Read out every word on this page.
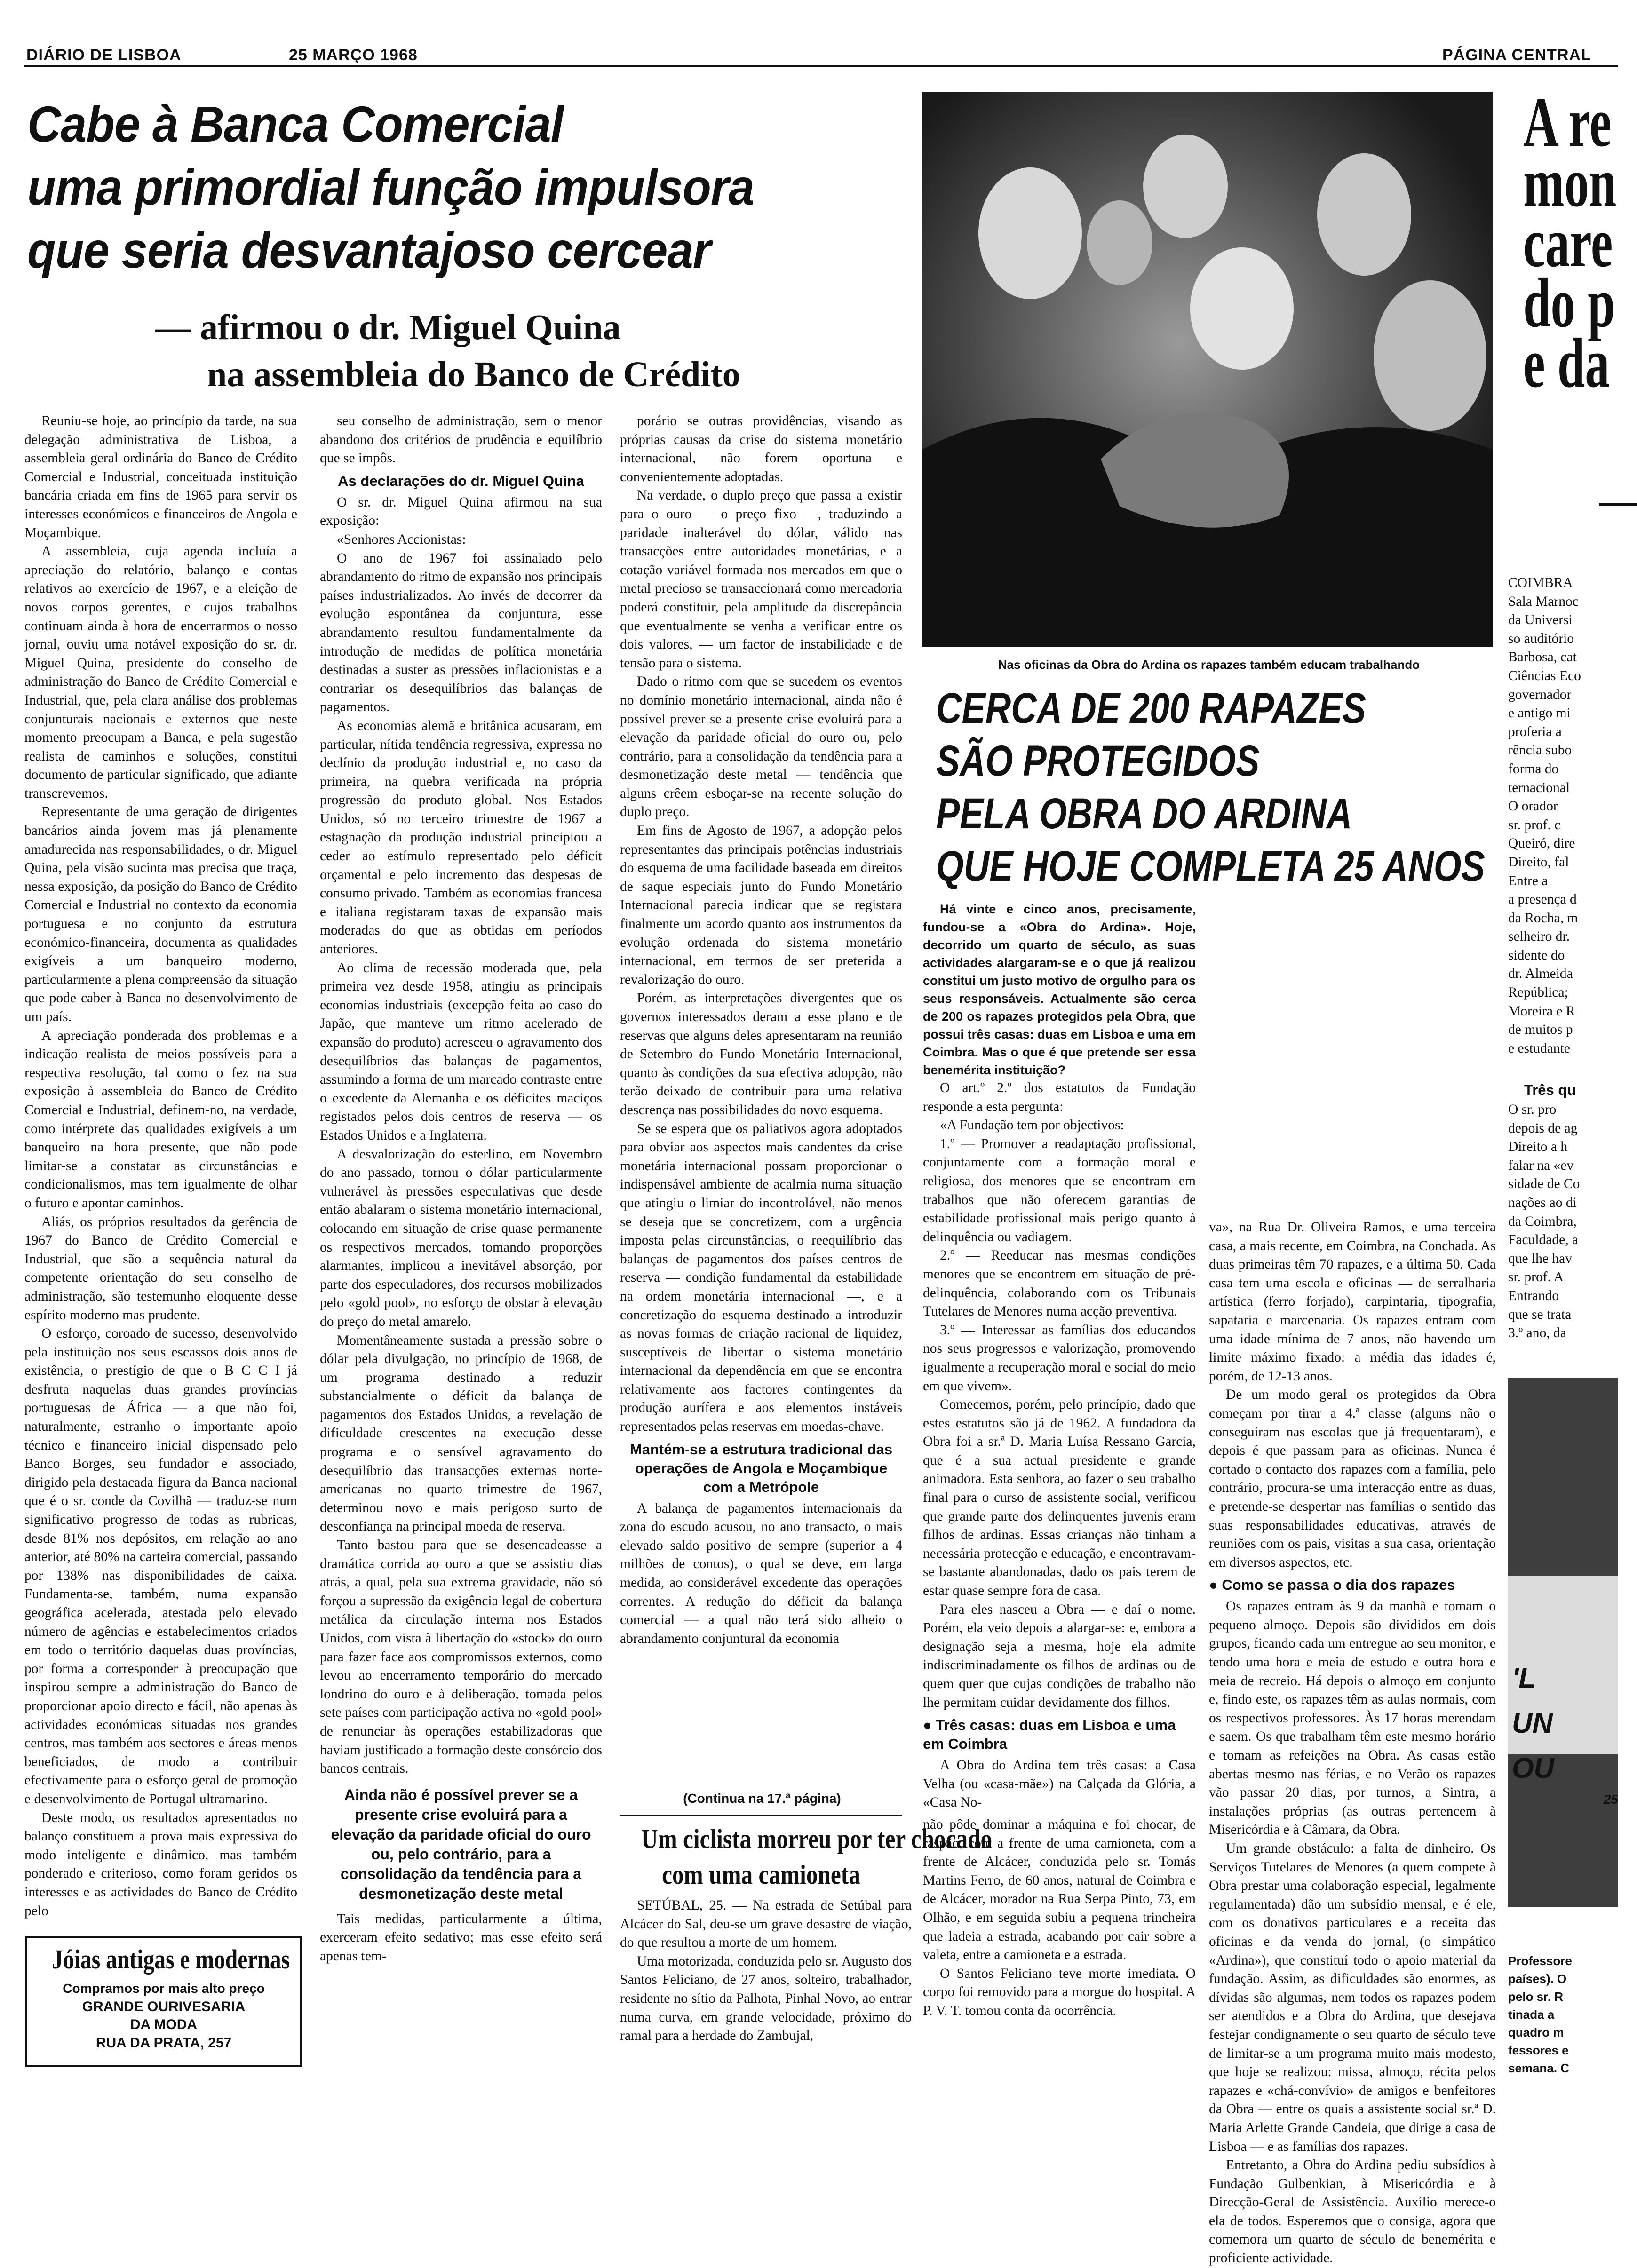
DIÁRIO DE LISBOA	25 MARÇO 1968	PÁGINA CENTRAL
Cabe à Banca Comercial
uma primordial função impulsora
que seria desvantajoso cercear
— afirmou o dr. Miguel Quina
na assembleia do Banco de Crédito

Reuniu-se hoje, ao princípio da tarde, na sua delegação administrativa de Lisboa, a assembleia geral ordinária do Banco de Crédito Comercial e Industrial, conceituada instituição bancária criada em fins de 1965 para servir os interesses económicos e financeiros de Angola e Moçambique.

A assembleia, cuja agenda incluía a apreciação do relatório, balanço e contas relativos ao exercício de 1967, e a eleição de novos corpos gerentes, e cujos trabalhos continuam ainda à hora de encerrarmos o nosso jornal, ouviu uma notável exposição do sr. dr. Miguel Quina, presidente do conselho de administração do Banco de Crédito Comercial e Industrial, que, pela clara análise dos problemas conjunturais nacionais e externos que neste momento preocupam a Banca, e pela sugestão realista de caminhos e soluções, constitui documento de particular significado, que adiante transcrevemos.

Representante de uma geração de dirigentes bancários ainda jovem mas já plenamente amadurecida nas responsabilidades, o dr. Miguel Quina, pela visão sucinta mas precisa que traça, nessa exposição, da posição do Banco de Crédito Comercial e Industrial no contexto da economia portuguesa e no conjunto da estrutura económico-financeira, documenta as qualidades exigíveis a um banqueiro moderno, particularmente a plena compreensão da situação que pode caber à Banca no desenvolvimento de um país.

A apreciação ponderada dos problemas e a indicação realista de meios possíveis para a respectiva resolução, tal como o fez na sua exposição à assembleia do Banco de Crédito Comercial e Industrial, definem-no, na verdade, como intérprete das qualidades exigíveis a um banqueiro na hora presente, que não pode limitar-se a constatar as circunstâncias e condicionalismos, mas tem igualmente de olhar o futuro e apontar caminhos.

Aliás, os próprios resultados da gerência de 1967 do Banco de Crédito Comercial e Industrial, que são a sequência natural da competente orientação do seu conselho de administração, são testemunho eloquente desse espírito moderno mas prudente.

O esforço, coroado de sucesso, desenvolvido pela instituição nos seus escassos dois anos de existência, o prestígio de que o B C C I já desfruta naquelas duas grandes províncias portuguesas de África — a que não foi, naturalmente, estranho o importante apoio técnico e financeiro inicial dispensado pelo Banco Borges, seu fundador e associado, dirigido pela destacada figura da Banca nacional que é o sr. conde da Covilhã — traduz-se num significativo progresso de todas as rubricas, desde 81% nos depósitos, em relação ao ano anterior, até 80% na carteira comercial, passando por 138% nas disponibilidades de caixa. Fundamenta-se, também, numa expansão geográfica acelerada, atestada pelo elevado número de agências e estabelecimentos criados em todo o território daquelas duas províncias, por forma a corresponder à preocupação que inspirou sempre a administração do Banco de proporcionar apoio directo e fácil, não apenas às actividades económicas situadas nos grandes centros, mas também aos sectores e áreas menos beneficiados, de modo a contribuir efectivamente para o esforço geral de promoção e desenvolvimento de Portugal ultramarino.

Deste modo, os resultados apresentados no balanço constituem a prova mais expressiva do modo inteligente e dinâmico, mas também ponderado e criterioso, como foram geridos os interesses e as actividades do Banco de Crédito pelo

Jóias antigas e modernas
Compramos por mais alto preço
GRANDE OURIVESARIA
DA MODA
RUA DA PRATA, 257

seu conselho de administração, sem o menor abandono dos critérios de prudência e equilíbrio que se impôs.

As declarações do dr. Miguel Quina

O sr. dr. Miguel Quina afirmou na sua exposição:

«Senhores Accionistas:

O ano de 1967 foi assinalado pelo abrandamento do ritmo de expansão nos principais países industrializados. Ao invés de decorrer da evolução espontânea da conjuntura, esse abrandamento resultou fundamentalmente da introdução de medidas de política monetária destinadas a suster as pressões inflacionistas e a contrariar os desequilíbrios das balanças de pagamentos.

As economias alemã e britânica acusaram, em particular, nítida tendência regressiva, expressa no declínio da produção industrial e, no caso da primeira, na quebra verificada na própria progressão do produto global. Nos Estados Unidos, só no terceiro trimestre de 1967 a estagnação da produção industrial principiou a ceder ao estímulo representado pelo déficit orçamental e pelo incremento das despesas de consumo privado. Também as economias francesa e italiana registaram taxas de expansão mais moderadas do que as obtidas em períodos anteriores.

Ao clima de recessão moderada que, pela primeira vez desde 1958, atingiu as principais economias industriais (excepção feita ao caso do Japão, que manteve um ritmo acelerado de expansão do produto) acresceu o agravamento dos desequilíbrios das balanças de pagamentos, assumindo a forma de um marcado contraste entre o excedente da Alemanha e os déficites maciços registados pelos dois centros de reserva — os Estados Unidos e a Inglaterra.

A desvalorização do esterlino, em Novembro do ano passado, tornou o dólar particularmente vulnerável às pressões especulativas que desde então abalaram o sistema monetário internacional, colocando em situação de crise quase permanente os respectivos mercados, tomando proporções alarmantes, implicou a inevitável absorção, por parte dos especuladores, dos recursos mobilizados pelo «gold pool», no esforço de obstar à elevação do preço do metal amarelo.

Momentâneamente sustada a pressão sobre o dólar pela divulgação, no princípio de 1968, de um programa destinado a reduzir substancialmente o déficit da balança de pagamentos dos Estados Unidos, a revelação de dificuldade crescentes na execução desse programa e o sensível agravamento do desequilíbrio das transacções externas norte-americanas no quarto trimestre de 1967, determinou novo e mais perigoso surto de desconfiança na principal moeda de reserva.

Tanto bastou para que se desencadeasse a dramática corrida ao ouro a que se assistiu dias atrás, a qual, pela sua extrema gravidade, não só forçou a supressão da exigência legal de cobertura metálica da circulação interna nos Estados Unidos, com vista à libertação do «stock» do ouro para fazer face aos compromissos externos, como levou ao encerramento temporário do mercado londrino do ouro e à deliberação, tomada pelos sete países com participação activa no «gold pool» de renunciar às operações estabilizadoras que haviam justificado a formação deste consórcio dos bancos centrais.

Ainda não é possível prever se a presente crise evoluirá para a elevação da paridade oficial do ouro ou, pelo contrário, para a consolidação da tendência para a desmonetização deste metal

Tais medidas, particularmente a última, exerceram efeito sedativo; mas esse efeito será apenas tem-

porário se outras providências, visando as próprias causas da crise do sistema monetário internacional, não forem oportuna e convenientemente adoptadas.

Na verdade, o duplo preço que passa a existir para o ouro — o preço fixo —, traduzindo a paridade inalterável do dólar, válido nas transacções entre autoridades monetárias, e a cotação variável formada nos mercados em que o metal precioso se transaccionará como mercadoria poderá constituir, pela amplitude da discrepância que eventualmente se venha a verificar entre os dois valores, — um factor de instabilidade e de tensão para o sistema.

Dado o ritmo com que se sucedem os eventos no domínio monetário internacional, ainda não é possível prever se a presente crise evoluirá para a elevação da paridade oficial do ouro ou, pelo contrário, para a consolidação da tendência para a desmonetização deste metal — tendência que alguns crêem esboçar-se na recente solução do duplo preço.

Em fins de Agosto de 1967, a adopção pelos representantes das principais potências industriais do esquema de uma facilidade baseada em direitos de saque especiais junto do Fundo Monetário Internacional parecia indicar que se registara finalmente um acordo quanto aos instrumentos da evolução ordenada do sistema monetário internacional, em termos de ser preterida a revalorização do ouro.

Porém, as interpretações divergentes que os governos interessados deram a esse plano e de reservas que alguns deles apresentaram na reunião de Setembro do Fundo Monetário Internacional, quanto às condições da sua efectiva adopção, não terão deixado de contribuir para uma relativa descrença nas possibilidades do novo esquema.

Se se espera que os paliativos agora adoptados para obviar aos aspectos mais candentes da crise monetária internacional possam proporcionar o indispensável ambiente de acalmia numa situação que atingiu o limiar do incontrolável, não menos se deseja que se concretizem, com a urgência imposta pelas circunstâncias, o reequilíbrio das balanças de pagamentos dos países centros de reserva — condição fundamental da estabilidade na ordem monetária internacional —, e a concretização do esquema destinado a introduzir as novas formas de criação racional de liquidez, susceptíveis de libertar o sistema monetário internacional da dependência em que se encontra relativamente aos factores contingentes da produção aurífera e aos elementos instáveis representados pelas reservas em moedas-chave.

Mantém-se a estrutura tradicional das operações de Angola e Moçambique com a Metrópole

A balança de pagamentos internacionais da zona do escudo acusou, no ano transacto, o mais elevado saldo positivo de sempre (superior a 4 milhões de contos), o qual se deve, em larga medida, ao considerável excedente das operações correntes. A redução do déficit da balança comercial — a qual não terá sido alheio o abrandamento conjuntural da economia

(Continua na 17.ª página)
Um ciclista morreu por ter chocado
com uma camioneta

SETÚBAL, 25. — Na estrada de Setúbal para Alcácer do Sal, deu-se um grave desastre de viação, do que resultou a morte de um homem.

Uma motorizada, conduzida pelo sr. Augusto dos Santos Feliciano, de 27 anos, solteiro, trabalhador, residente no sítio da Palhota, Pinhal Novo, ao entrar numa curva, em grande velocidade, próximo do ramal para a herdade do Zambujal,

não pôde dominar a máquina e foi chocar, de raspão, com a frente de uma camioneta, com a frente de Alcácer, conduzida pelo sr. Tomás Martins Ferro, de 60 anos, natural de Coimbra e de Alcácer, morador na Rua Serpa Pinto, 73, em Olhão, e em seguida subiu a pequena trincheira que ladeia a estrada, acabando por cair sobre a valeta, entre a camioneta e a estrada.

O Santos Feliciano teve morte imediata. O corpo foi removido para a morgue do hospital. A P. V. T. tomou conta da ocorrência.

Nas oficinas da Obra do Ardina os rapazes também educam trabalhando
CERCA DE 200 RAPAZES
SÃO PROTEGIDOS
PELA OBRA DO ARDINA
QUE HOJE COMPLETA 25 ANOS

Há vinte e cinco anos, precisamente, fundou-se a «Obra do Ardina». Hoje, decorrido um quarto de século, as suas actividades alargaram-se e o que já realizou constitui um justo motivo de orgulho para os seus responsáveis. Actualmente são cerca de 200 os rapazes protegidos pela Obra, que possui três casas: duas em Lisboa e uma em Coimbra. Mas o que é que pretende ser essa benemérita instituição?

O art.º 2.º dos estatutos da Fundação responde a esta pergunta:

«A Fundação tem por objectivos:

1.º — Promover a readaptação profissional, conjuntamente com a formação moral e religiosa, dos menores que se encontram em trabalhos que não oferecem garantias de estabilidade profissional mais perigo quanto à delinquência ou vadiagem.

2.º — Reeducar nas mesmas condições menores que se encontrem em situação de pré-delinquência, colaborando com os Tribunais Tutelares de Menores numa acção preventiva.

3.º — Interessar as famílias dos educandos nos seus progressos e valorização, promovendo igualmente a recuperação moral e social do meio em que vivem».

Comecemos, porém, pelo princípio, dado que estes estatutos são já de 1962. A fundadora da Obra foi a sr.ª D. Maria Luísa Ressano Garcia, que é a sua actual presidente e grande animadora. Esta senhora, ao fazer o seu trabalho final para o curso de assistente social, verificou que grande parte dos delinquentes juvenis eram filhos de ardinas. Essas crianças não tinham a necessária protecção e educação, e encontravam-se bastante abandonadas, dado os pais terem de estar quase sempre fora de casa.

Para eles nasceu a Obra — e daí o nome. Porém, ela veio depois a alargar-se: e, embora a designação seja a mesma, hoje ela admite indiscriminadamente os filhos de ardinas ou de quem quer que cujas condições de trabalho não lhe permitam cuidar devidamente dos filhos.

● Três casas: duas em Lisboa e uma em Coimbra

A Obra do Ardina tem três casas: a Casa Velha (ou «casa-mãe») na Calçada da Glória, a «Casa No-

va», na Rua Dr. Oliveira Ramos, e uma terceira casa, a mais recente, em Coimbra, na Conchada. As duas primeiras têm 70 rapazes, e a última 50. Cada casa tem uma escola e oficinas — de serralharia artística (ferro forjado), carpintaria, tipografia, sapataria e marcenaria. Os rapazes entram com uma idade mínima de 7 anos, não havendo um limite máximo fixado: a média das idades é, porém, de 12-13 anos.

De um modo geral os protegidos da Obra começam por tirar a 4.ª classe (alguns não o conseguiram nas escolas que já frequentaram), e depois é que passam para as oficinas. Nunca é cortado o contacto dos rapazes com a família, pelo contrário, procura-se uma interacção entre as duas, e pretende-se despertar nas famílias o sentido das suas responsabilidades educativas, através de reuniões com os pais, visitas a sua casa, orientação em diversos aspectos, etc.

● Como se passa o dia dos rapazes

Os rapazes entram às 9 da manhã e tomam o pequeno almoço. Depois são divididos em dois grupos, ficando cada um entregue ao seu monitor, e tendo uma hora e meia de estudo e outra hora e meia de recreio. Há depois o almoço em conjunto e, findo este, os rapazes têm as aulas normais, com os respectivos professores. Às 17 horas merendam e saem. Os que trabalham têm este mesmo horário e tomam as refeições na Obra. As casas estão abertas mesmo nas férias, e no Verão os rapazes vão passar 20 dias, por turnos, a Sintra, a instalações próprias (as outras pertencem à Misericórdia e à Câmara, da Obra.

Um grande obstáculo: a falta de dinheiro. Os Serviços Tutelares de Menores (a quem compete à Obra prestar uma colaboração especial, legalmente regulamentada) dão um subsídio mensal, e é ele, com os donativos particulares e a receita das oficinas e da venda do jornal, (o simpático «Ardina»), que constituí todo o apoio material da fundação. Assim, as dificuldades são enormes, as dívidas são algumas, nem todos os rapazes podem ser atendidos e a Obra do Ardina, que desejava festejar condignamente o seu quarto de século teve de limitar-se a um programa muito mais modesto, que hoje se realizou: missa, almoço, récita pelos rapazes e «chá-convívio» de amigos e benfeitores da Obra — entre os quais a assistente social sr.ª D. Maria Arlette Grande Candeia, que dirige a casa de Lisboa — e as famílias dos rapazes.

Entretanto, a Obra do Ardina pediu subsídios à Fundação Gulbenkian, à Misericórdia e à Direcção-Geral de Assistência. Auxílio merece-o ela de todos. Esperemos que o consiga, agora que comemora um quarto de século de benemérita e proficiente actividade.

A re
mon
care
do p
e da
—
COIMBRA
Sala Marnoc
da Universi
so auditório
Barbosa, cat
Ciências Eco
governador
e antigo mi
proferia a
rência subo
forma do
ternacional
O orador
sr. prof. c
Queiró, dire
Direito, fal
Entre a
a presença d
da Rocha, m
selheiro dr.
sidente do
dr. Almeida
República;
Moreira e R
de muitos p
e estudante
Três qu
O sr. pro
depois de ag
Direito a h
falar na «ev
sidade de Co
nações ao di
da Coimbra,
Faculdade, a
que lhe hav
sr. prof. A
Entrando
que se trata
3.º ano, da
'L
UN
OU
25
Professore
países). O
pelo sr. R
tinada a
quadro m
fessores e
semana. C
